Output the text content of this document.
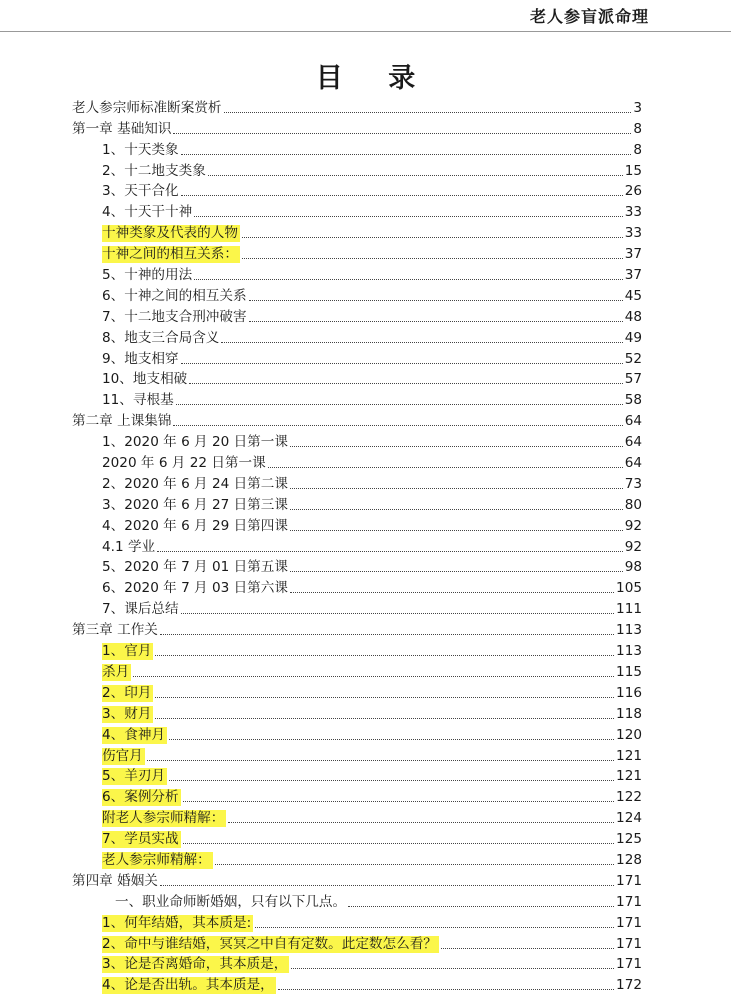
老人参盲派命理
目 录
老人参宗师标准断案赏析	3
第一章 基础知识	8
1、十天类象	8
2、十二地支类象	15
3、天干合化	26
4、十天干十神	33
十神类象及代表的人物	33
十神之间的相互关系：	37
5、十神的用法	37
6、十神之间的相互关系	45
7、十二地支合刑冲破害	48
8、地支三合局含义	49
9、地支相穿	52
10、地支相破	57
11、寻根基	58
第二章 上课集锦	64
1、2020 年 6 月 20 日第一课	64
2020 年 6 月 22 日第一课	64
2、2020 年 6 月 24 日第二课	73
3、2020 年 6 月 27 日第三课	80
4、2020 年 6 月 29 日第四课	92
4.1 学业	92
5、2020 年 7 月 01 日第五课	98
6、2020 年 7 月 03 日第六课	105
7、课后总结	111
第三章 工作关	113
1、官月	113
杀月	115
2、印月	116
3、财月	118
4、食神月	120
伤官月	121
5、羊刃月	121
6、案例分析	122
附老人参宗师精解：	124
7、学员实战	125
老人参宗师精解：	128
第四章 婚姻关	171
一、职业命师断婚姻，只有以下几点。	171
1、何年结婚，其本质是:	171
2、命中与谁结婚，冥冥之中自有定数。此定数怎么看？	171
3、论是否离婚命，其本质是，	171
4、论是否出轨。其本质是，	172
